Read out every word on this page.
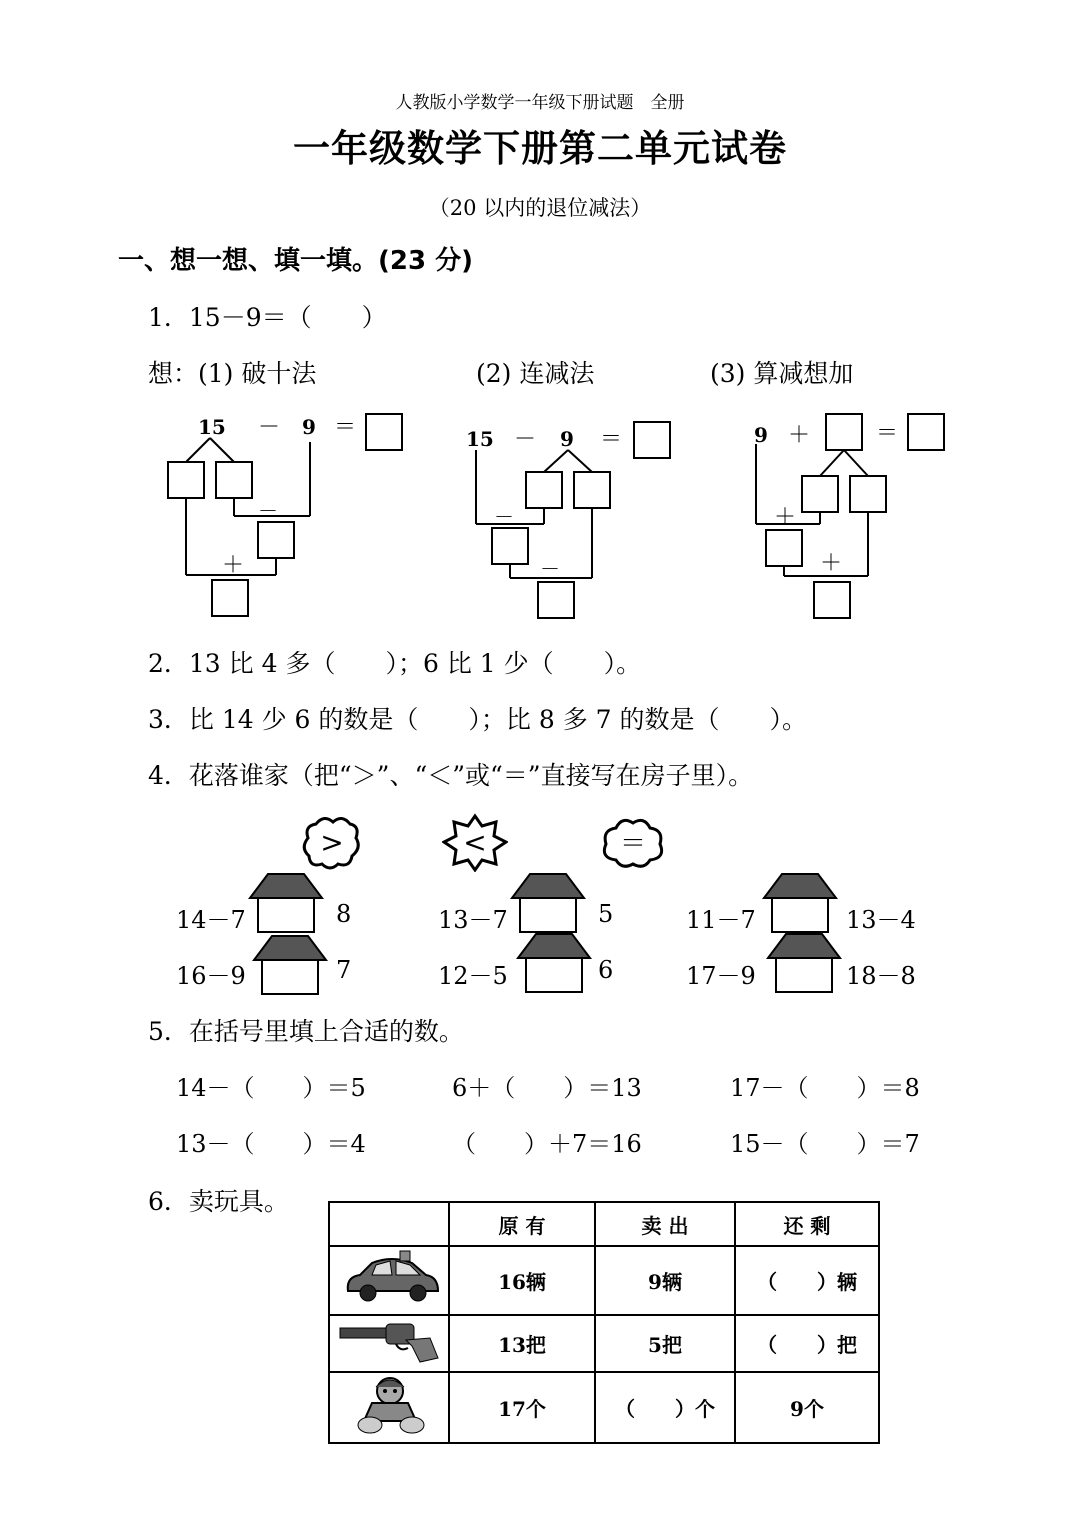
人教版小学数学一年级下册试题　全册
一年级数学下册第二单元试卷
（20 以内的退位减法）
一、想一想、填一填。(23 分)
1．15－9＝（　　）
想：(1) 破十法	(2) 连减法	(3) 算减想加
15 － 9 ＝
－
＋
15 － 9 ＝
－
－
9 ＋	＝
＋
＋
2．13 比 4 多（　　）；6 比 1 少（　　）。
3．比 14 少 6 的数是（　　）；比 8 多 7 的数是（　　）。
4．花落谁家（把“＞”、“＜”或“＝”直接写在房子里）。
>	<	＝
14－7	8	13－7	5	11－7	13－4
16－9	7	12－5	6	17－9	18－8
5．在括号里填上合适的数。
14－（　　）＝5	6＋（　　）＝13	17－（　　）＝8
13－（　　）＝4	（　　）＋7＝16	15－（　　）＝7
6．卖玩具。
	原 有	卖 出	还 剩
	16辆	9辆	（　　）辆
	13把	5把	（　　）把
	17个	（　　）个	9个
